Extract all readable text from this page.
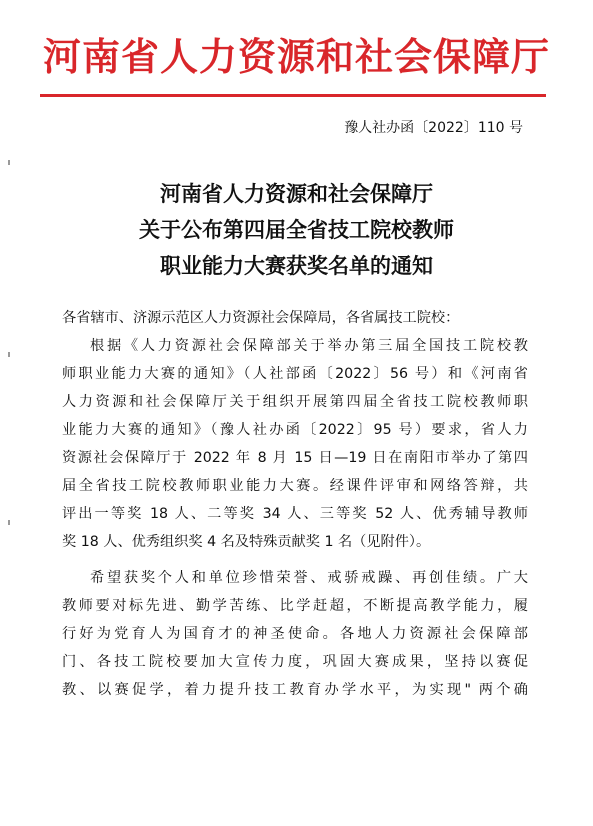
河南省人力资源和社会保障厅
豫人社办函〔2022〕110 号
河南省人力资源和社会保障厅
关于公布第四届全省技工院校教师
职业能力大赛获奖名单的通知
各省辖市、济源示范区人力资源社会保障局，各省属技工院校：
根据《人力资源社会保障部关于举办第三届全国技工院校教
师职业能力大赛的通知》（人社部函〔2022〕56 号）和《河南省
人力资源和社会保障厅关于组织开展第四届全省技工院校教师职
业能力大赛的通知》（豫人社办函〔2022〕95 号）要求，省人力
资源社会保障厅于 2022 年 8 月 15 日—19 日在南阳市举办了第四
届全省技工院校教师职业能力大赛。经课件评审和网络答辩，共
评出一等奖 18 人、二等奖 34 人、三等奖 52 人、优秀辅导教师
奖 18 人、优秀组织奖 4 名及特殊贡献奖 1 名（见附件）。
希望获奖个人和单位珍惜荣誉、戒骄戒躁、再创佳绩。广大
教师要对标先进、勤学苦练、比学赶超，不断提高教学能力，履
行好为党育人为国育才的神圣使命。各地人力资源社会保障部
门、各技工院校要加大宣传力度，巩固大赛成果，坚持以赛促
教、以赛促学，着力提升技工教育办学水平，为实现" 两个确
